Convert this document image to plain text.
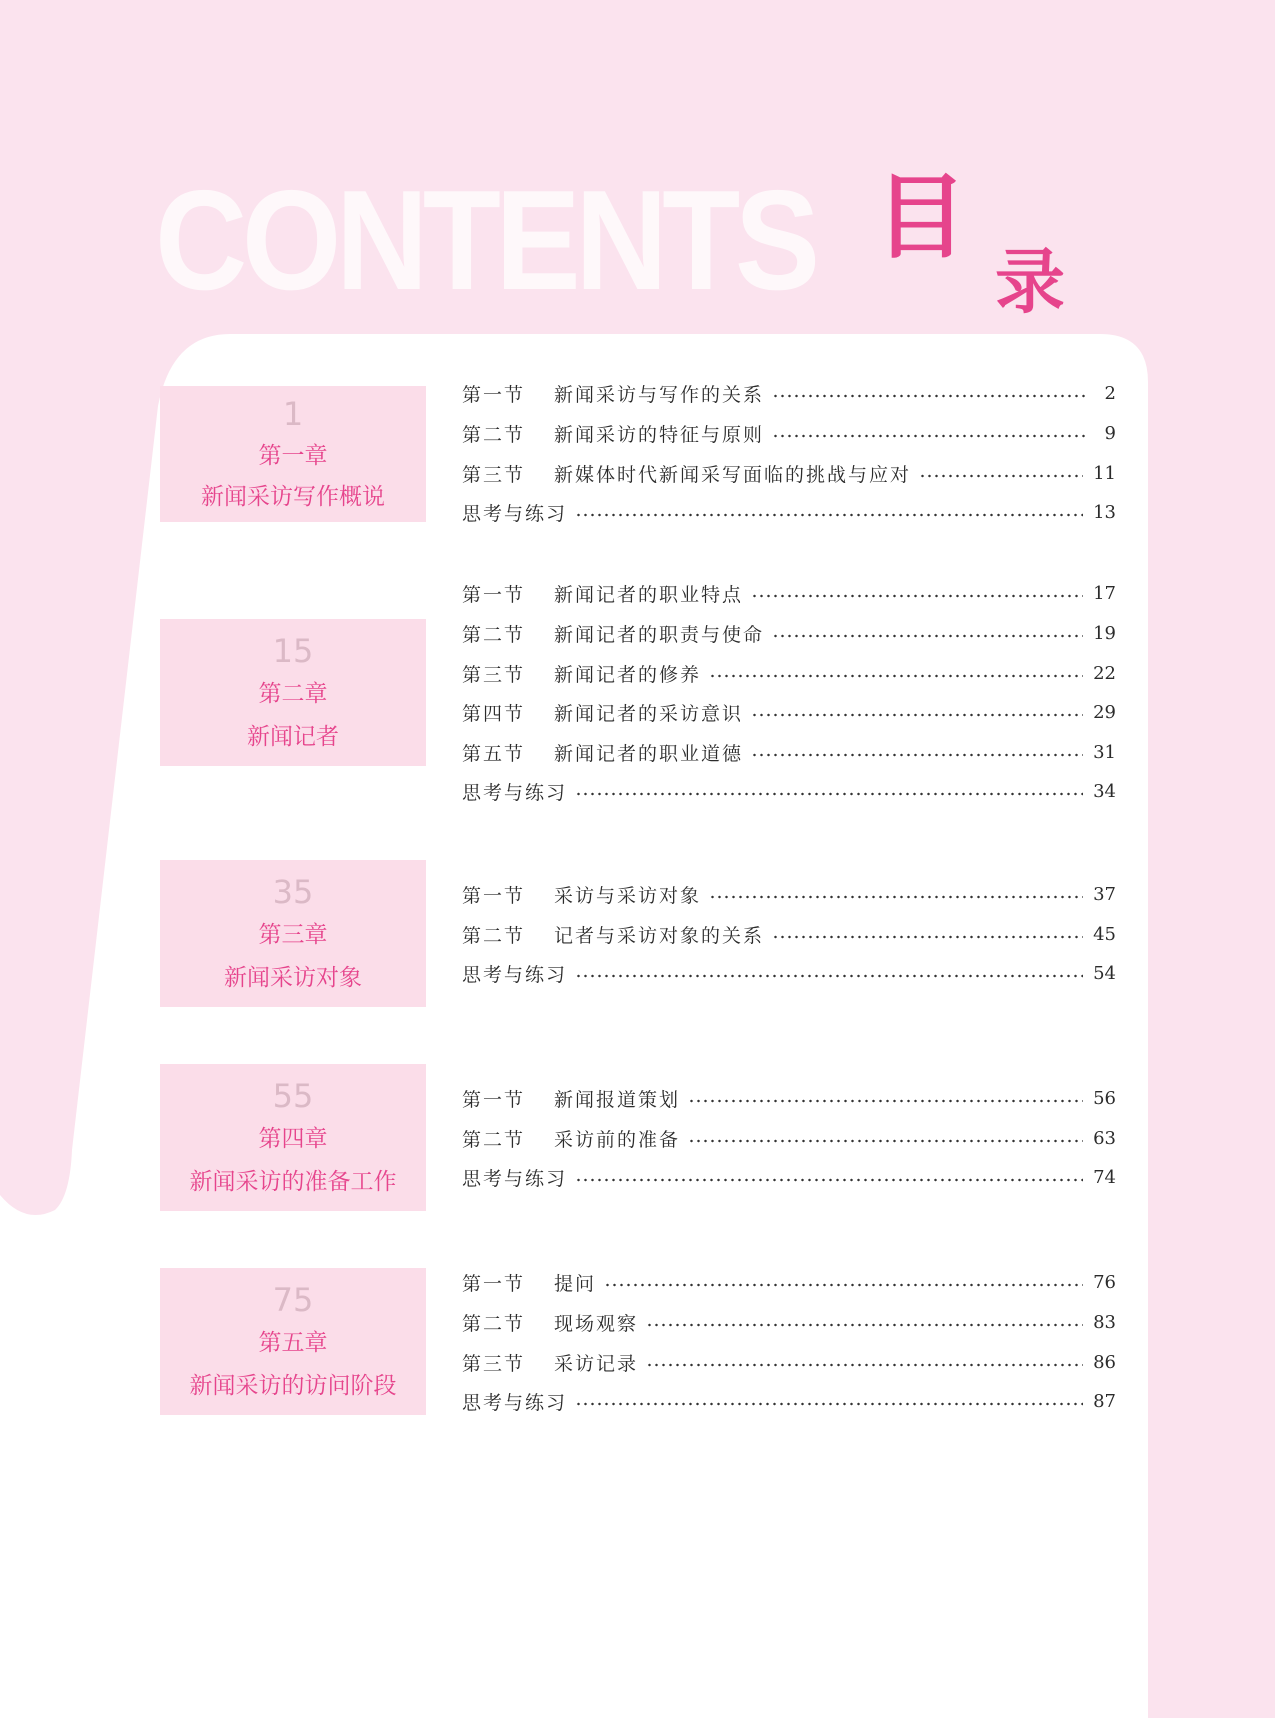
CONTENTS 目
录
1
第一章
新闻采访写作概说
第一节	新闻采访与写作的关系	2
第二节	新闻采访的特征与原则	9
第三节	新媒体时代新闻采写面临的挑战与应对	11
思考与练习	13
15
第二章
新闻记者
第一节	新闻记者的职业特点	17
第二节	新闻记者的职责与使命	19
第三节	新闻记者的修养	22
第四节	新闻记者的采访意识	29
第五节	新闻记者的职业道德	31
思考与练习	34
35
第三章
新闻采访对象
第一节	采访与采访对象	37
第二节	记者与采访对象的关系	45
思考与练习	54
55
第四章
新闻采访的准备工作
第一节	新闻报道策划	56
第二节	采访前的准备	63
思考与练习	74
75
第五章
新闻采访的访问阶段
第一节	提问	76
第二节	现场观察	83
第三节	采访记录	86
思考与练习	87
